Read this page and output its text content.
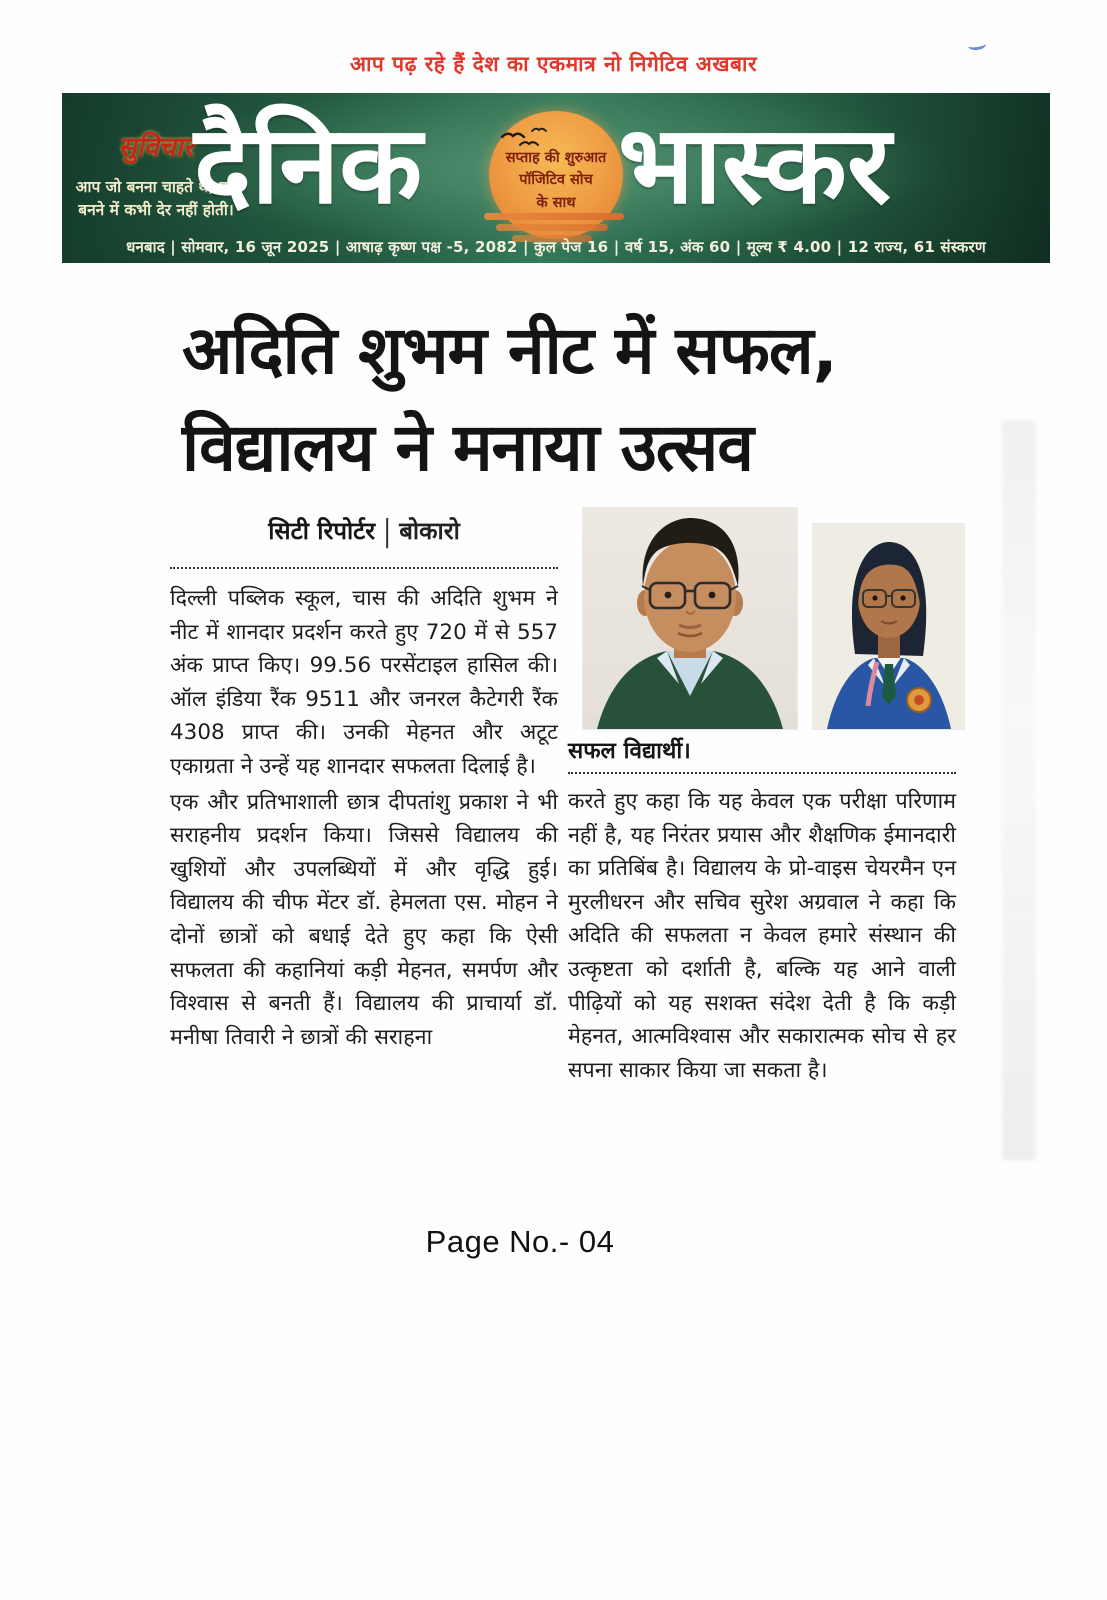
आप पढ़ रहे हैं देश का एकमात्र नो निगेटिव अखबार
सुविचार
आप जो बनना चाहते थे, वह बनने में कभी देर नहीं होती।
दैनिक	सप्ताह की शुरुआत
पॉजिटिव सोच
के साथ भास्कर
धनबाद | सोमवार, 16 जून 2025 | आषाढ़ कृष्ण पक्ष -5, 2082 | कुल पेज 16 | वर्ष 15, अंक 60 | मूल्य ₹ 4.00 | 12 राज्य, 61 संस्करण
अदिति शुभम नीट में सफल,
विद्यालय ने मनाया उत्सव
सिटी रिपोर्टर | बोकारो

दिल्ली पब्लिक स्कूल, चास की अदिति शुभम ने नीट में शानदार प्रदर्शन करते हुए 720 में से 557 अंक प्राप्त किए। 99.56 परसेंटाइल हासिल की। ऑल इंडिया रैंक 9511 और जनरल कैटेगरी रैंक 4308 प्राप्त की। उनकी मेहनत और अटूट एकाग्रता ने उन्हें यह शानदार सफलता दिलाई है।

एक और प्रतिभाशाली छात्र दीपतांशु प्रकाश ने भी सराहनीय प्रदर्शन किया। जिससे विद्यालय की खुशियों और उपलब्धियों में और वृद्धि हुई। विद्यालय की चीफ मेंटर डॉ. हेमलता एस. मोहन ने दोनों छात्रों को बधाई देते हुए कहा कि ऐसी सफलता की कहानियां कड़ी मेहनत, समर्पण और विश्वास से बनती हैं। विद्यालय की प्राचार्या डॉ. मनीषा तिवारी ने छात्रों की सराहना

सफल विद्यार्थी।

करते हुए कहा कि यह केवल एक परीक्षा परिणाम नहीं है, यह निरंतर प्रयास और शैक्षणिक ईमानदारी का प्रतिबिंब है। विद्यालय के प्रो-वाइस चेयरमैन एन मुरलीधरन और सचिव सुरेश अग्रवाल ने कहा कि अदिति की सफलता न केवल हमारे संस्थान की उत्कृष्टता को दर्शाती है, बल्कि यह आने वाली पीढ़ियों को यह सशक्त संदेश देती है कि कड़ी मेहनत, आत्मविश्वास और सकारात्मक सोच से हर सपना साकार किया जा सकता है।

Page No.- 04
